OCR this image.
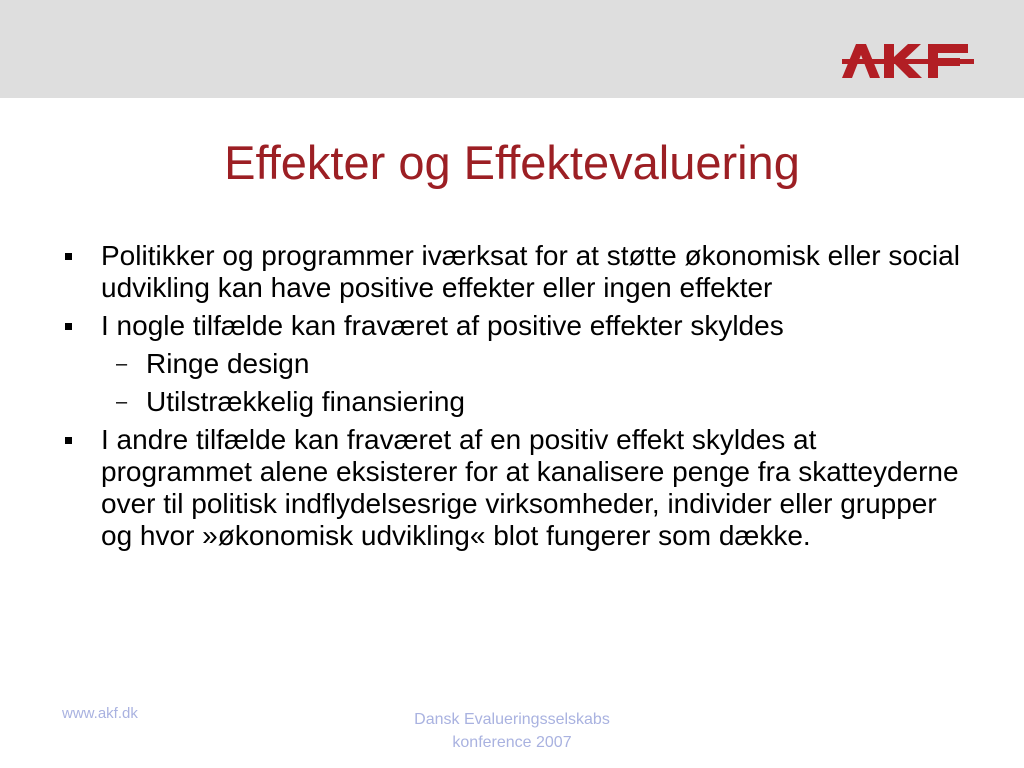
AKF
Effekter og Effektevaluering
Politikker og programmer iværksat for at støtte økonomisk eller social udvikling kan have positive effekter eller ingen effekter
I nogle tilfælde kan fraværet af positive effekter skyldes
– Ringe design
– Utilstrækkelig finansiering
I andre tilfælde kan fraværet af en positiv effekt skyldes at programmet alene eksisterer for at kanalisere penge fra skatteyderne over til politisk indflydelsesrige virksomheder, individer eller grupper og hvor »økonomisk udvikling« blot fungerer som dække.
www.akf.dk	Dansk Evalueringsselskabs
konference 2007
